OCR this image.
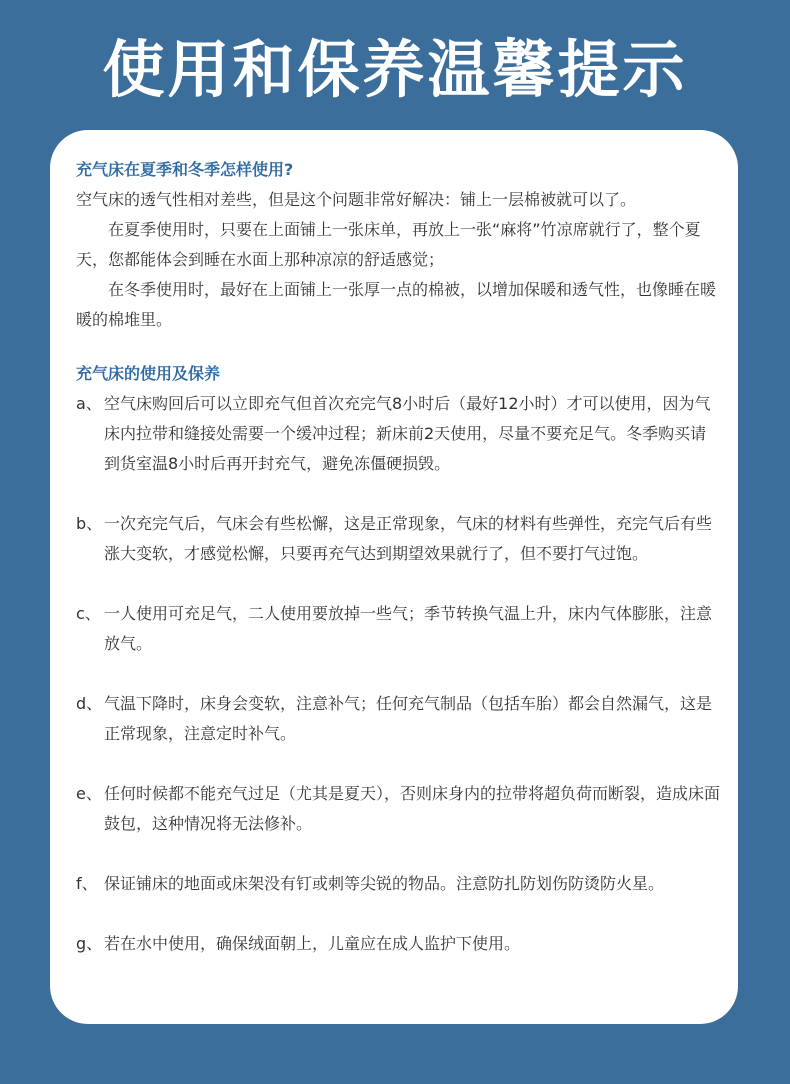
使用和保养温馨提示
充气床在夏季和冬季怎样使用?

空气床的透气性相对差些，但是这个问题非常好解决：铺上一层棉被就可以了。

在夏季使用时，只要在上面铺上一张床单，再放上一张“麻将”竹凉席就行了，整个夏天，您都能体会到睡在水面上那种凉凉的舒适感觉；

在冬季使用时，最好在上面铺上一张厚一点的棉被，以增加保暖和透气性，也像睡在暖暖的棉堆里。

充气床的使用及保养
a、 空气床购回后可以立即充气但首次充完气8小时后（最好12小时）才可以使用，因为气床内拉带和缝接处需要一个缓冲过程；新床前2天使用，尽量不要充足气。冬季购买请到货室温8小时后再开封充气，避免冻僵硬损毁。
b、 一次充完气后，气床会有些松懈，这是正常现象，气床的材料有些弹性，充完气后有些涨大变软，才感觉松懈，只要再充气达到期望效果就行了，但不要打气过饱。
c、 一人使用可充足气，二人使用要放掉一些气；季节转换气温上升，床内气体膨胀，注意放气。
d、 气温下降时，床身会变软，注意补气；任何充气制品（包括车胎）都会自然漏气，这是正常现象，注意定时补气。
e、 任何时候都不能充气过足（尤其是夏天），否则床身内的拉带将超负荷而断裂，造成床面鼓包，这种情况将无法修补。
f、 保证铺床的地面或床架没有钉或刺等尖锐的物品。注意防扎防划伤防烫防火星。
g、 若在水中使用，确保绒面朝上，儿童应在成人监护下使用。
